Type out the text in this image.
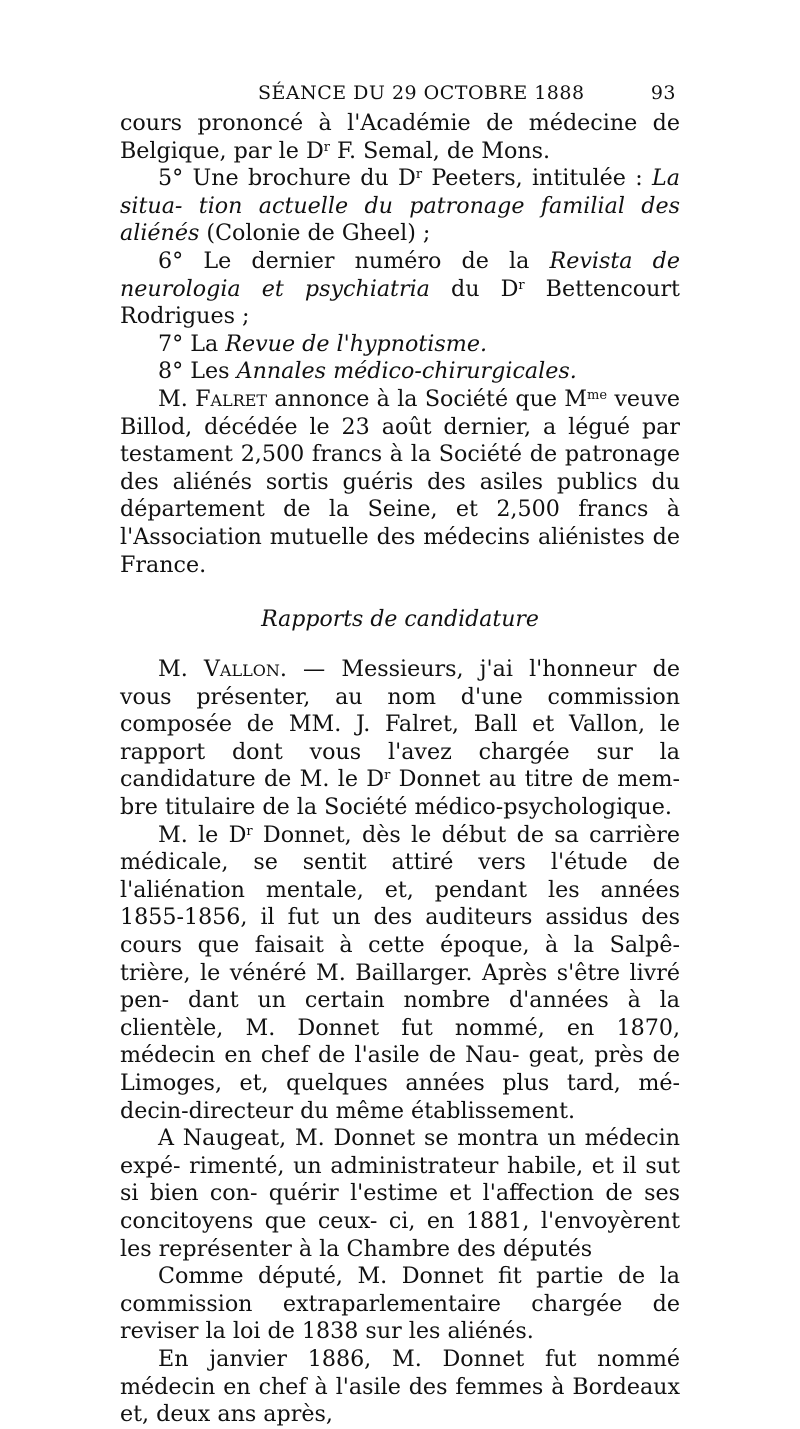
SÉANCE DU 29 OCTOBRE 1888	93

cours prononcé à l'Académie de médecine de Belgique, par le $D^r$ F. Semal, de Mons.

5° Une brochure du $D^r$ Peeters, intitulée : La situa- tion actuelle du patronage familial des aliénés (Colonie de Gheel) ;

6° Le dernier numéro de la Revista de neurologia et psychiatria du $D^r$ Bettencourt Rodrigues ;

7° La Revue de l'hypnotisme.

8° Les Annales médico-chirurgicales.

M. Falret annonce à la Société que $M^{me}$ veuve Billod, décédée le 23 août dernier, a légué par testament 2,500 francs à la Société de patronage des aliénés sortis guéris des asiles publics du département de la Seine, et 2,500 francs à l'Association mutuelle des médecins aliénistes de France.

Rapports de candidature

M. Vallon. — Messieurs, j'ai l'honneur de vous présenter, au nom d'une commission composée de MM. J. Falret, Ball et Vallon, le rapport dont vous l'avez chargée sur la candidature de M. le $D^r$ Donnet au titre de mem- bre titulaire de la Société médico-psychologique.

M. le $D^r$ Donnet, dès le début de sa carrière médicale, se sentit attiré vers l'étude de l'aliénation mentale, et, pendant les années 1855-1856, il fut un des auditeurs assidus des cours que faisait à cette époque, à la Salpê- trière, le vénéré M. Baillarger. Après s'être livré pen- dant un certain nombre d'années à la clientèle, M. Donnet fut nommé, en 1870, médecin en chef de l'asile de Nau- geat, près de Limoges, et, quelques années plus tard, mé- decin-directeur du même établissement.

A Naugeat, M. Donnet se montra un médecin expé- rimenté, un administrateur habile, et il sut si bien con- quérir l'estime et l'affection de ses concitoyens que ceux- ci, en 1881, l'envoyèrent les représenter à la Chambre des députés

Comme député, M. Donnet fit partie de la commission extraparlementaire chargée de reviser la loi de 1838 sur les aliénés.

En janvier 1886, M. Donnet fut nommé médecin en chef à l'asile des femmes à Bordeaux et, deux ans après,
